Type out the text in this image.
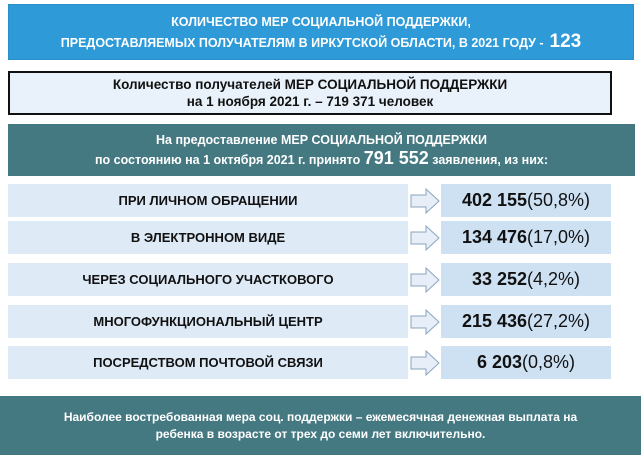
КОЛИЧЕСТВО МЕР СОЦИАЛЬНОЙ ПОДДЕРЖКИ,
ПРЕДОСТАВЛЯЕМЫХ ПОЛУЧАТЕЛЯМ В ИРКУТСКОЙ ОБЛАСТИ, В 2021 ГОДУ - 123
Количество получателей МЕР СОЦИАЛЬНОЙ ПОДДЕРЖКИ
на 1 ноября 2021 г. – 719 371 человек
На предоставление МЕР СОЦИАЛЬНОЙ ПОДДЕРЖКИ
по состоянию на 1 октября 2021 г. принято 791 552 заявления, из них:
ПРИ ЛИЧНОМ ОБРАЩЕНИИ	402 155 (50,8%)
В ЭЛЕКТРОННОМ ВИДЕ	134 476 (17,0%)
ЧЕРЕЗ СОЦИАЛЬНОГО УЧАСТКОВОГО	33 252 (4,2%)
МНОГОФУНКЦИОНАЛЬНЫЙ ЦЕНТР	215 436 (27,2%)
ПОСРЕДСТВОМ ПОЧТОВОЙ СВЯЗИ	6 203 (0,8%)
Наиболее востребованная мера соц. поддержки – ежемесячная денежная выплата на
ребенка в возрасте от трех до семи лет включительно.
